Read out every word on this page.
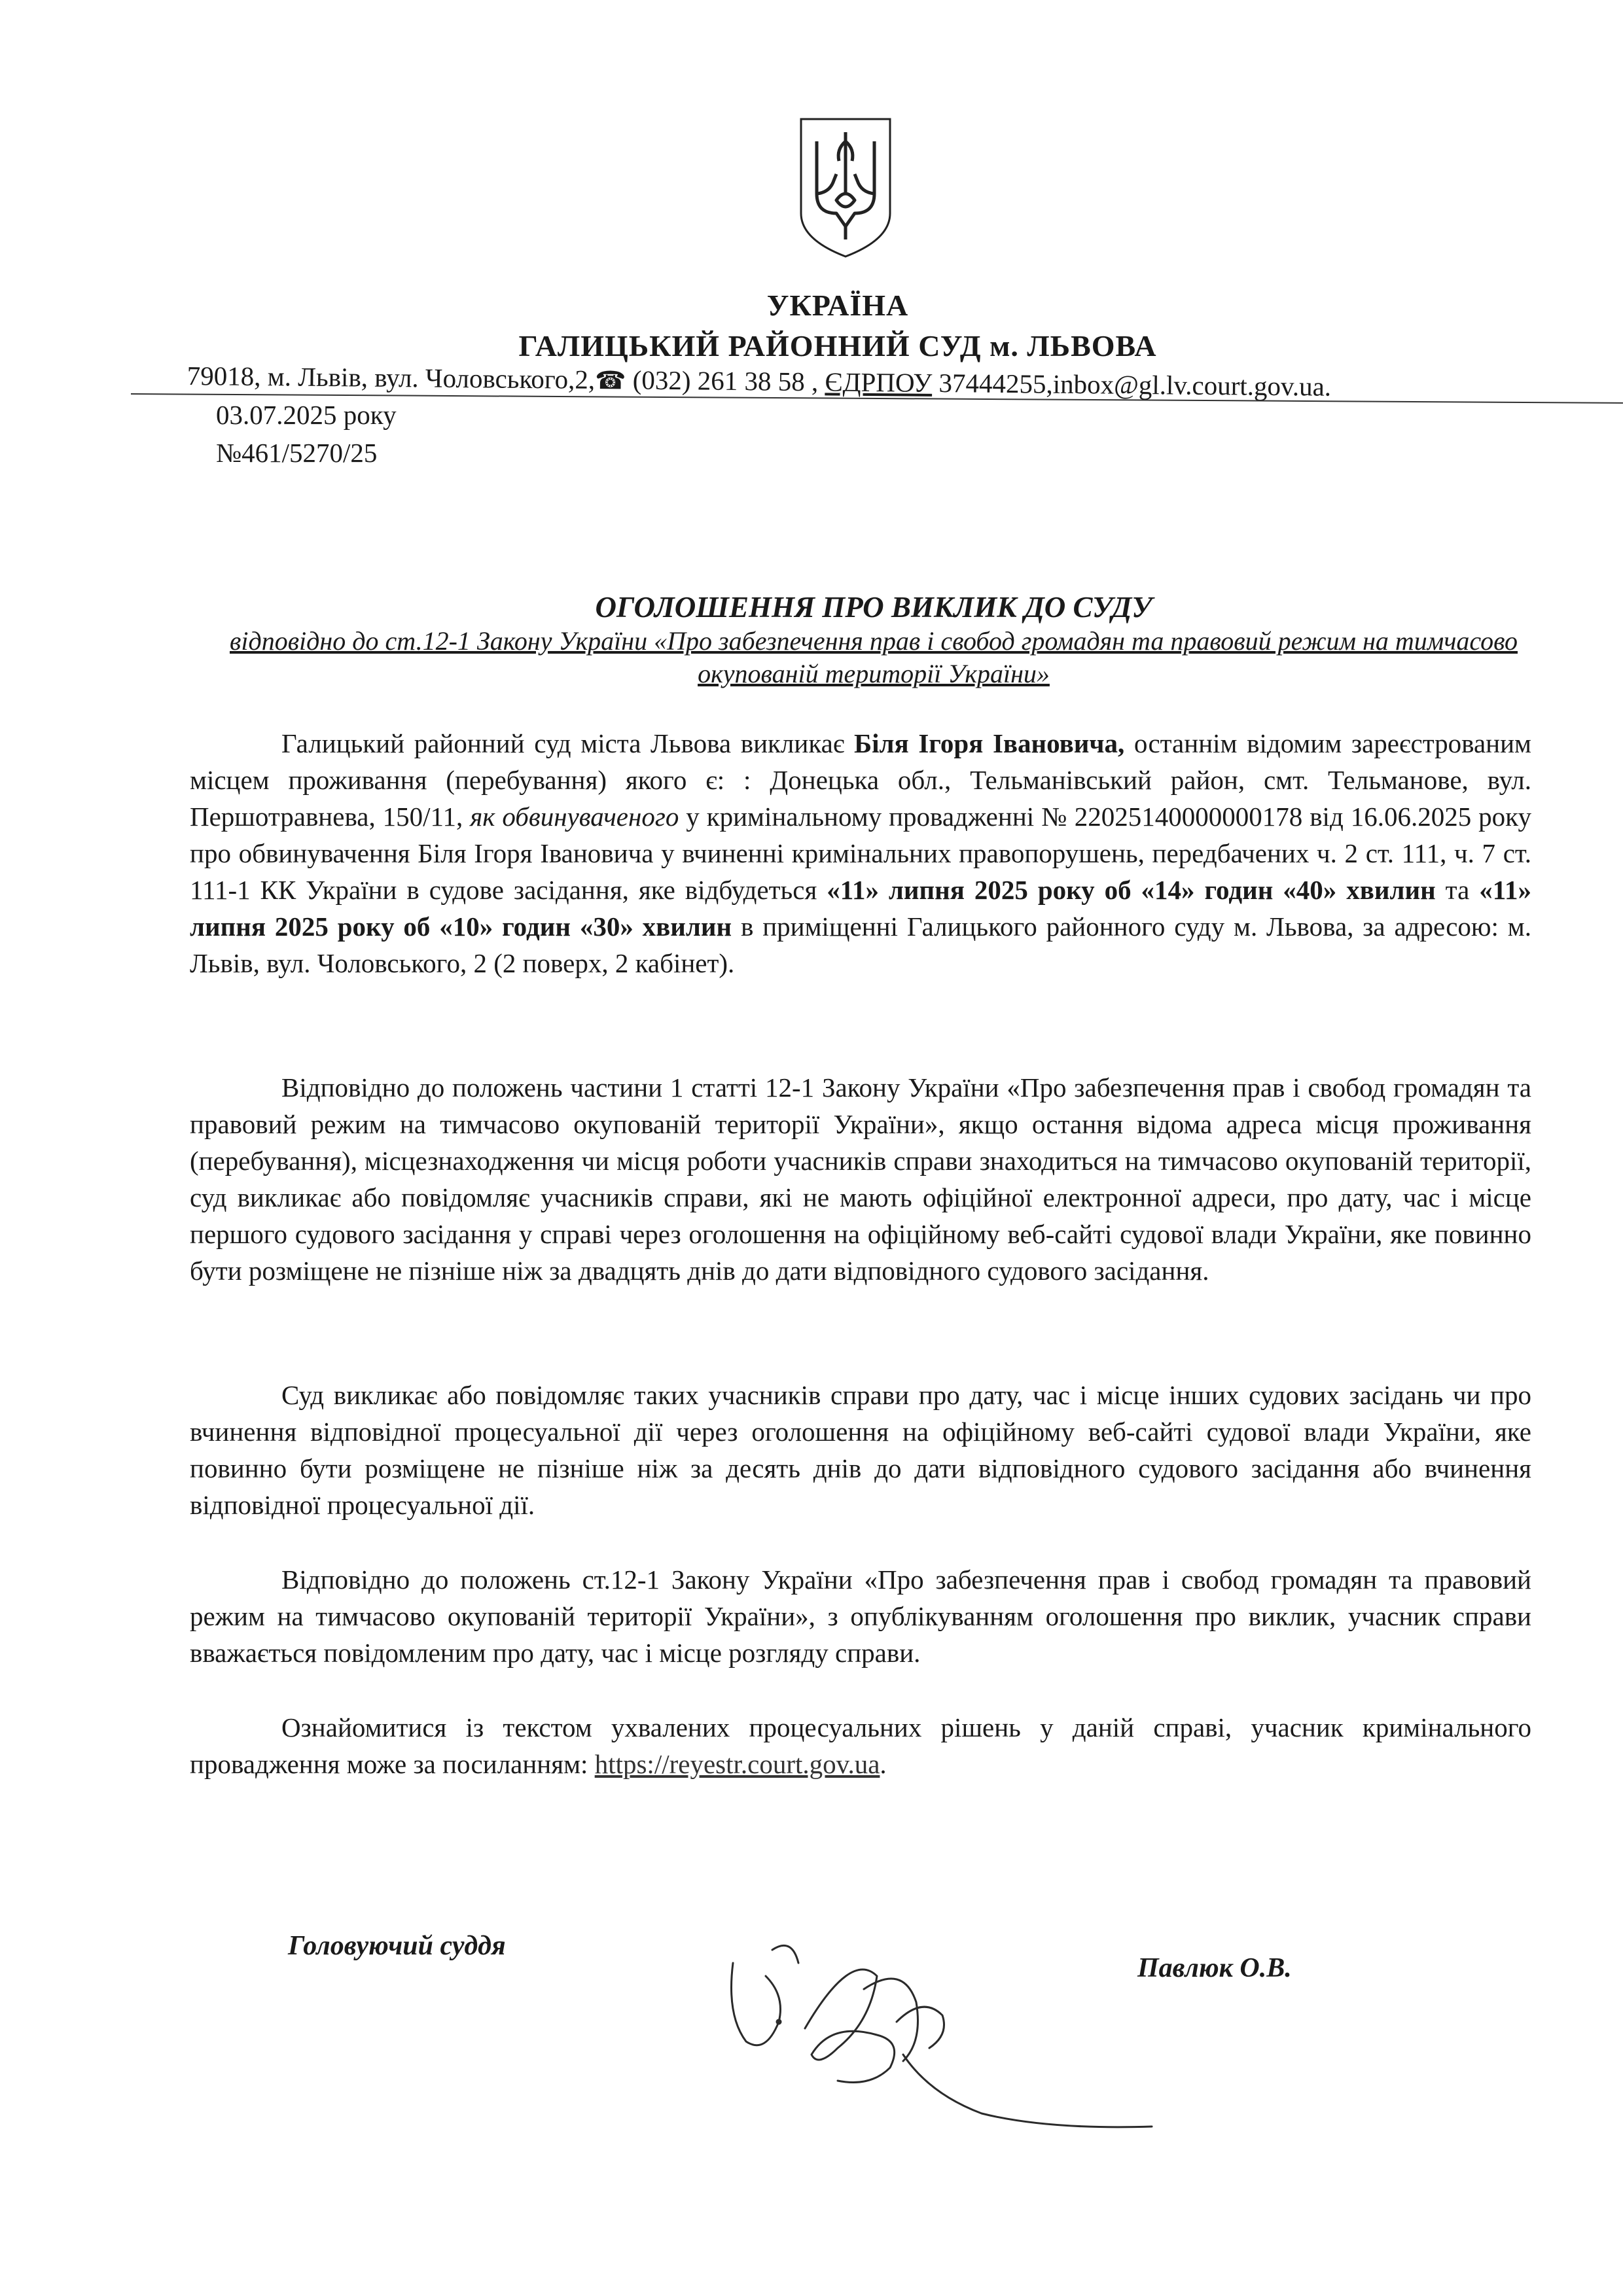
УКРАЇНА
ГАЛИЦЬКИЙ РАЙОННИЙ СУД м. ЛЬВОВА
79018, м. Львів, вул. Чоловського,2,☎ (032) 261 38 58 , ЄДРПОУ 37444255,inbox@gl.lv.court.gov.ua.
03.07.2025 року
№461/5270/25
ОГОЛОШЕННЯ ПРО ВИКЛИК ДО СУДУ
відповідно до ст.12-1 Закону України «Про забезпечення прав і свобод громадян та правовий режим на тимчасово окупованій території України»

Галицький районний суд міста Львова викликає Біля Ігоря Івановича, останнім відомим зареєстрованим місцем проживання (перебування) якого є: : Донецька обл., Тельманівський район, смт. Тельманове, вул. Першотравнева, 150/11, як обвинуваченого у кримінальному провадженні № 22025140000000178 від 16.06.2025 року про обвинувачення Біля Ігоря Івановича у вчиненні кримінальних правопорушень, передбачених ч. 2 ст. 111, ч. 7 ст. 111-1 КК України в судове засідання, яке відбудеться «11» липня 2025 року об «14» годин «40» хвилин та «11» липня 2025 року об «10» годин «30» хвилин в приміщенні Галицького районного суду м. Львова, за адресою: м. Львів, вул. Чоловського, 2 (2 поверх, 2 кабінет).

Відповідно до положень частини 1 статті 12-1 Закону України «Про забезпечення прав і свобод громадян та правовий режим на тимчасово окупованій території України», якщо остання відома адреса місця проживання (перебування), місцезнаходження чи місця роботи учасників справи знаходиться на тимчасово окупованій території, суд викликає або повідомляє учасників справи, які не мають офіційної електронної адреси, про дату, час і місце першого судового засідання у справі через оголошення на офіційному веб-сайті судової влади України, яке повинно бути розміщене не пізніше ніж за двадцять днів до дати відповідного судового засідання.

Суд викликає або повідомляє таких учасників справи про дату, час і місце інших судових засідань чи про вчинення відповідної процесуальної дії через оголошення на офіційному веб-сайті судової влади України, яке повинно бути розміщене не пізніше ніж за десять днів до дати відповідного судового засідання або вчинення відповідної процесуальної дії.

Відповідно до положень ст.12-1 Закону України «Про забезпечення прав і свобод громадян та правовий режим на тимчасово окупованій території України», з опублікуванням оголошення про виклик, учасник справи вважається повідомленим про дату, час і місце розгляду справи.

Ознайомитися із текстом ухвалених процесуальних рішень у даній справі, учасник кримінального провадження може за посиланням: https://reyestr.court.gov.ua.

Головуючий суддя
Павлюк О.В.
